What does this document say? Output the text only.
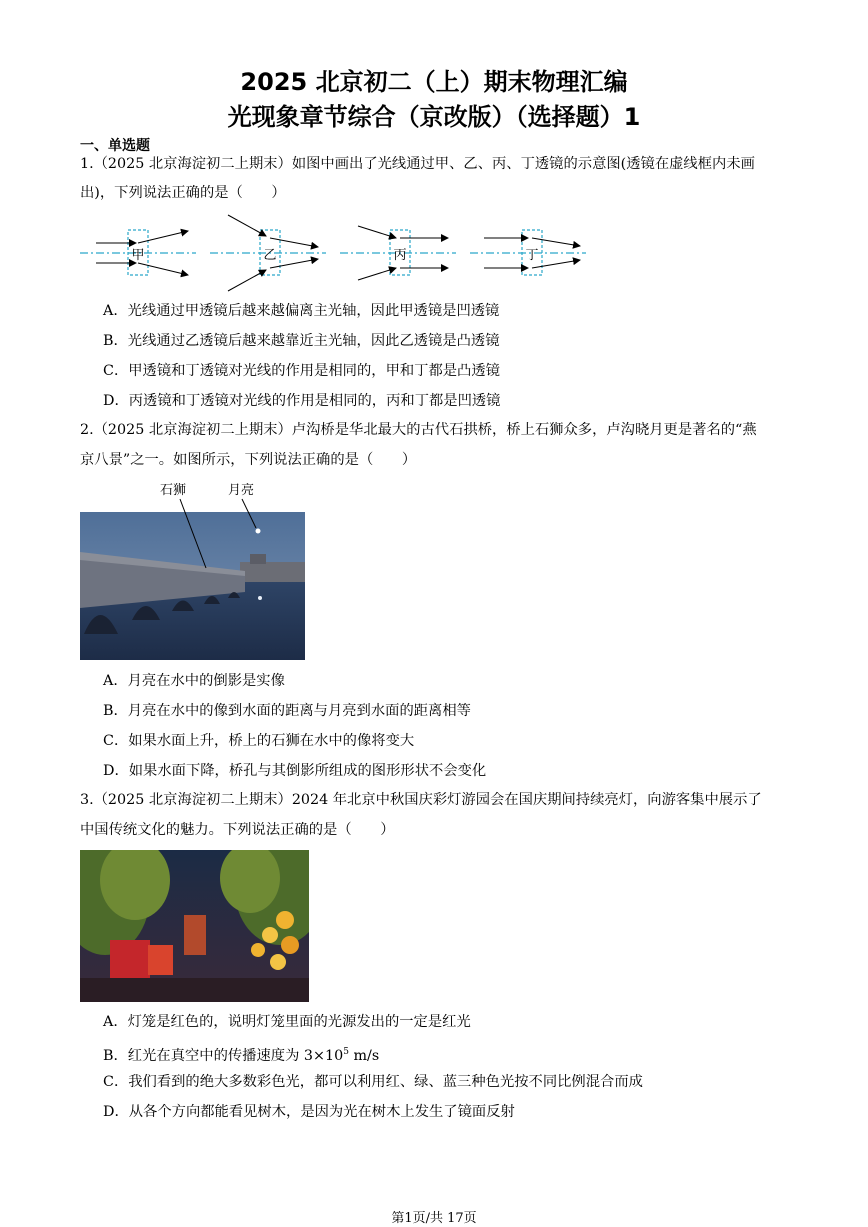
2025 北京初二（上）期末物理汇编
光现象章节综合（京改版）（选择题）1
一、单选题
1.（2025 北京海淀初二上期末）如图中画出了光线通过甲、乙、丙、丁透镜的示意图(透镜在虚线框内未画
出)，下列说法正确的是（　　）
甲	乙	丙	丁
A．光线通过甲透镜后越来越偏离主光轴，因此甲透镜是凹透镜
B．光线通过乙透镜后越来越靠近主光轴，因此乙透镜是凸透镜
C．甲透镜和丁透镜对光线的作用是相同的，甲和丁都是凸透镜
D．丙透镜和丁透镜对光线的作用是相同的，丙和丁都是凹透镜
2.（2025 北京海淀初二上期末）卢沟桥是华北最大的古代石拱桥，桥上石狮众多，卢沟晓月更是著名的“燕
京八景”之一。如图所示，下列说法正确的是（　　）
石狮	月亮
A．月亮在水中的倒影是实像
B．月亮在水中的像到水面的距离与月亮到水面的距离相等
C．如果水面上升，桥上的石狮在水中的像将变大
D．如果水面下降，桥孔与其倒影所组成的图形形状不会变化
3.（2025 北京海淀初二上期末）2024 年北京中秋国庆彩灯游园会在国庆期间持续亮灯，向游客集中展示了
中国传统文化的魅力。下列说法正确的是（　　）
A．灯笼是红色的，说明灯笼里面的光源发出的一定是红光
B．红光在真空中的传播速度为 $3\times 10^5$ m/s
C．我们看到的绝大多数彩色光，都可以利用红、绿、蓝三种色光按不同比例混合而成
D．从各个方向都能看见树木，是因为光在树木上发生了镜面反射
第1页/共 17页
